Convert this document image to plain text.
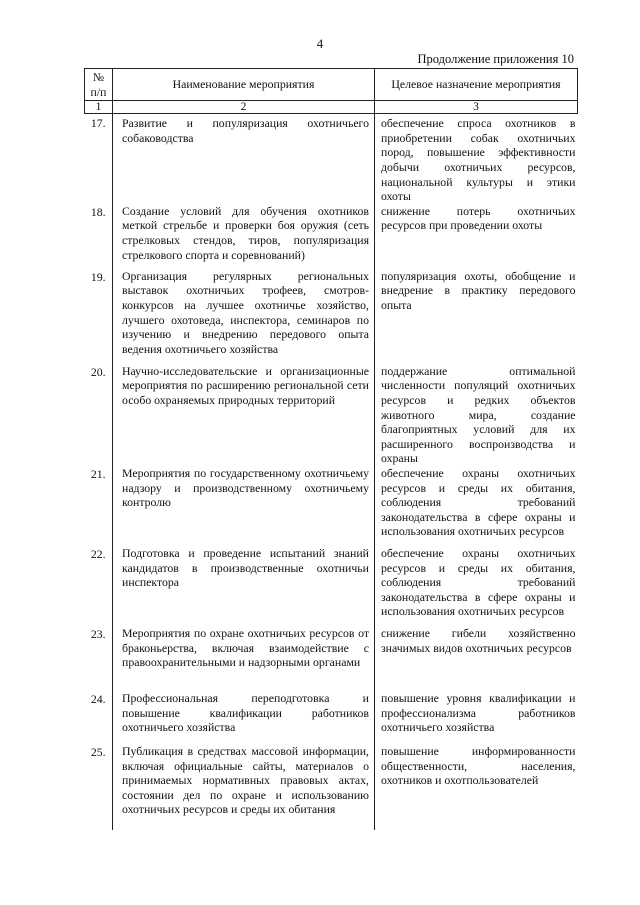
4
Продолжение приложения 10
№ п/п	Наименование мероприятия	Целевое назначение мероприятия
1	2	3
17.	Развитие и популяризация охотничьего собаководства	обеспечение спроса охотников в приобретении собак охотничьих пород, повышение эффективности добычи охотничьих ресурсов, национальной культуры и этики охоты
18.	Создание условий для обучения охотников меткой стрельбе и проверки боя оружия (сеть стрелковых стендов, тиров, популяризация стрелкового спорта и соревнований)	снижение потерь охотничьих ресурсов при проведении охоты
19.	Организация регулярных региональных выставок охотничьих трофеев, смотров-конкурсов на лучшее охотничье хозяйство, лучшего охотоведа, инспектора, семинаров по изучению и внедрению передового опыта ведения охотничьего хозяйства	популяризация охоты, обобщение и внедрение в практику передового опыта
20.	Научно-исследовательские и организационные мероприятия по расширению региональной сети особо охраняемых природных территорий	поддержание оптимальной численности популяций охотничьих ресурсов и редких объектов животного мира, создание благоприятных условий для их расширенного воспроизводства и охраны
21.	Мероприятия по государственному охотничьему надзору и производственному охотничьему контролю	обеспечение охраны охотничьих ресурсов и среды их обитания, соблюдения требований законодательства в сфере охраны и использования охотничьих ресурсов
22.	Подготовка и проведение испытаний знаний кандидатов в производственные охотничьи инспектора	обеспечение охраны охотничьих ресурсов и среды их обитания, соблюдения требований законодательства в сфере охраны и использования охотничьих ресурсов
23.	Мероприятия по охране охотничьих ресурсов от браконьерства, включая взаимодействие с правоохранительными и надзорными органами	снижение гибели хозяйственно значимых видов охотничьих ресурсов
24.	Профессиональная переподготовка и повышение квалификации работников охотничьего хозяйства	повышение уровня квалификации и профессионализма работников охотничьего хозяйства
25.	Публикация в средствах массовой информации, включая официальные сайты, материалов о принимаемых нормативных правовых актах, состоянии дел по охране и использованию охотничьих ресурсов и среды их обитания	повышение информированности общественности, населения, охотников и охотпользователей
